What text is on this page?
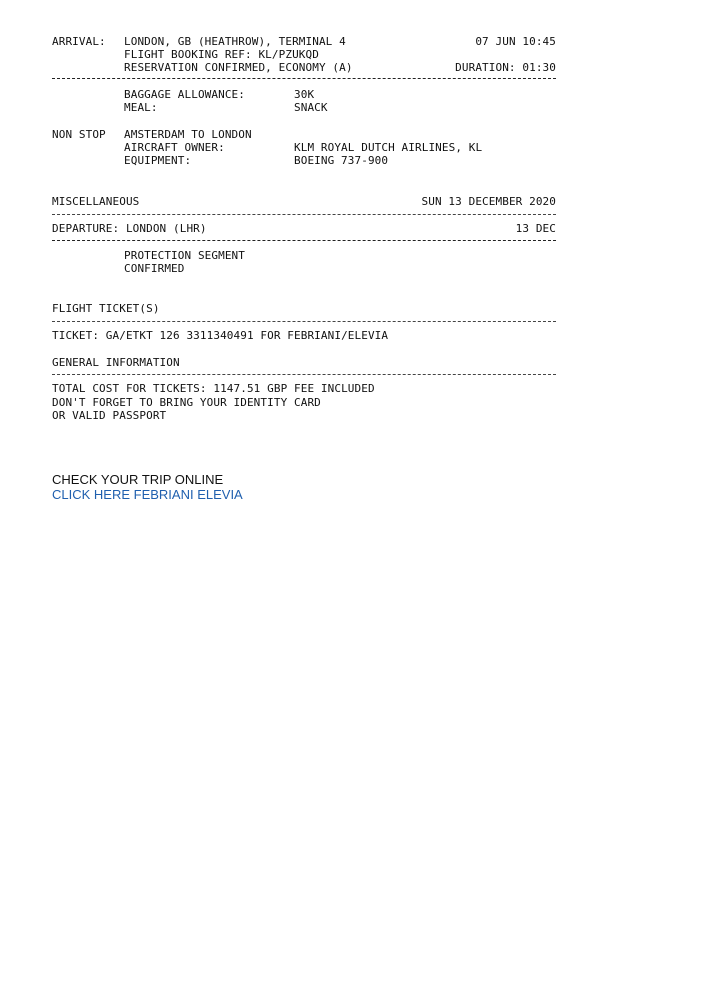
ARRIVAL: LONDON, GB (HEATHROW), TERMINAL 4	07 JUN 10:45
FLIGHT BOOKING REF: KL/PZUKQD
RESERVATION CONFIRMED, ECONOMY (A)	DURATION: 01:30
BAGGAGE ALLOWANCE:	30K
MEAL:	SNACK
NON STOP AMSTERDAM TO LONDON
AIRCRAFT OWNER:	KLM ROYAL DUTCH AIRLINES, KL
EQUIPMENT:	BOEING 737-900
MISCELLANEOUS	SUN 13 DECEMBER 2020
DEPARTURE: LONDON (LHR)	13 DEC
PROTECTION SEGMENT
CONFIRMED
FLIGHT TICKET(S)
TICKET: GA/ETKT 126 3311340491 FOR FEBRIANI/ELEVIA
GENERAL INFORMATION
TOTAL COST FOR TICKETS: 1147.51 GBP FEE INCLUDED
DON'T FORGET TO BRING YOUR IDENTITY CARD
OR VALID PASSPORT
CHECK YOUR TRIP ONLINE
CLICK HERE FEBRIANI ELEVIA
